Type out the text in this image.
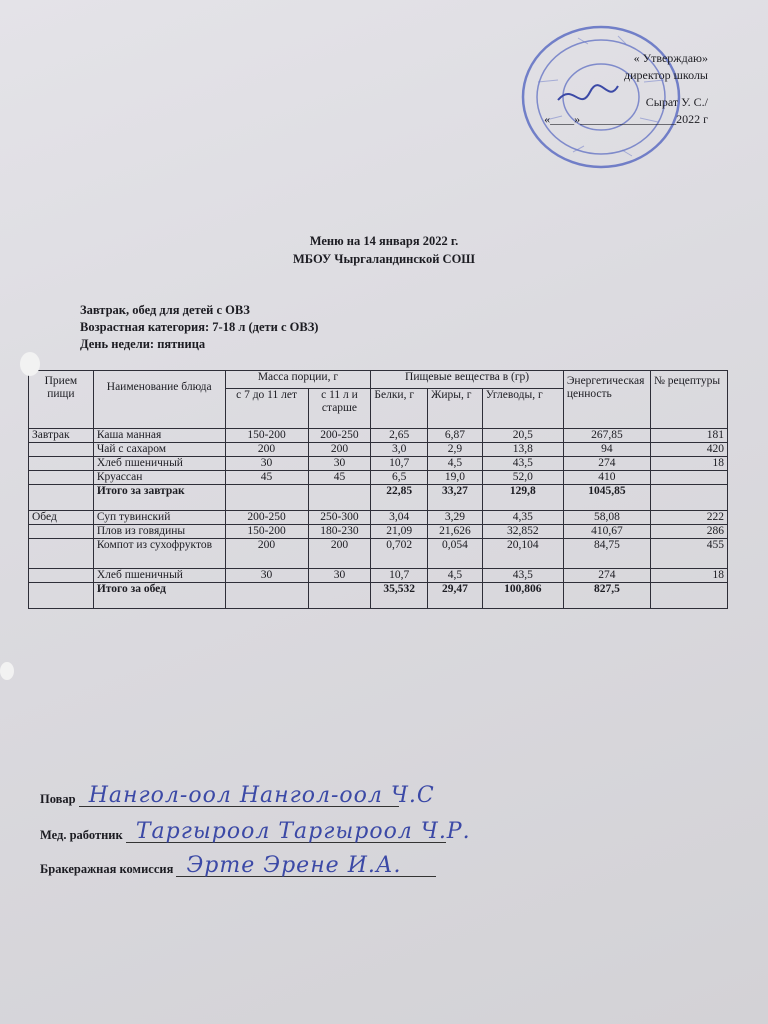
« Утверждаю»
директор школы
Сырат У. С./
«____»________________2022 г
Меню на 14 января 2022 г.
МБОУ Чыргаландинской СОШ
Завтрак, обед для детей с ОВЗ
Возрастная категория: 7-18 л (дети с ОВЗ)
День недели: пятница
Прием пищи	Наименование блюда	Масса порции, г		Пищевые вещества в (гр)			Энергетическая ценность	№ рецептуры
		с 7 до 11 лет	с 11 л и старше	Белки, г	Жиры, г	Углеводы, г		
Завтрак	Каша манная	150-200	200-250	2,65	6,87	20,5	267,85	181
	Чай с сахаром	200	200	3,0	2,9	13,8	94	420
	Хлеб пшеничный	30	30	10,7	4,5	43,5	274	18
	Круассан	45	45	6,5	19,0	52,0	410	
	Итого за завтрак			22,85	33,27	129,8	1045,85	
Обед	Суп тувинский	200-250	250-300	3,04	3,29	4,35	58,08	222
	Плов из говядины	150-200	180-230	21,09	21,626	32,852	410,67	286
	Компот из сухофруктов	200	200	0,702	0,054	20,104	84,75	455
	Хлеб пшеничный	30	30	10,7	4,5	43,5	274	18
	Итого за обед			35,532	29,47	100,806	827,5	
Повар Нангол-оол Нангол-оол Ч.С
Мед. работник Таргыроол Таргыроол Ч.Р.
Бракеражная комиссия Эрте Эрене И.А.
